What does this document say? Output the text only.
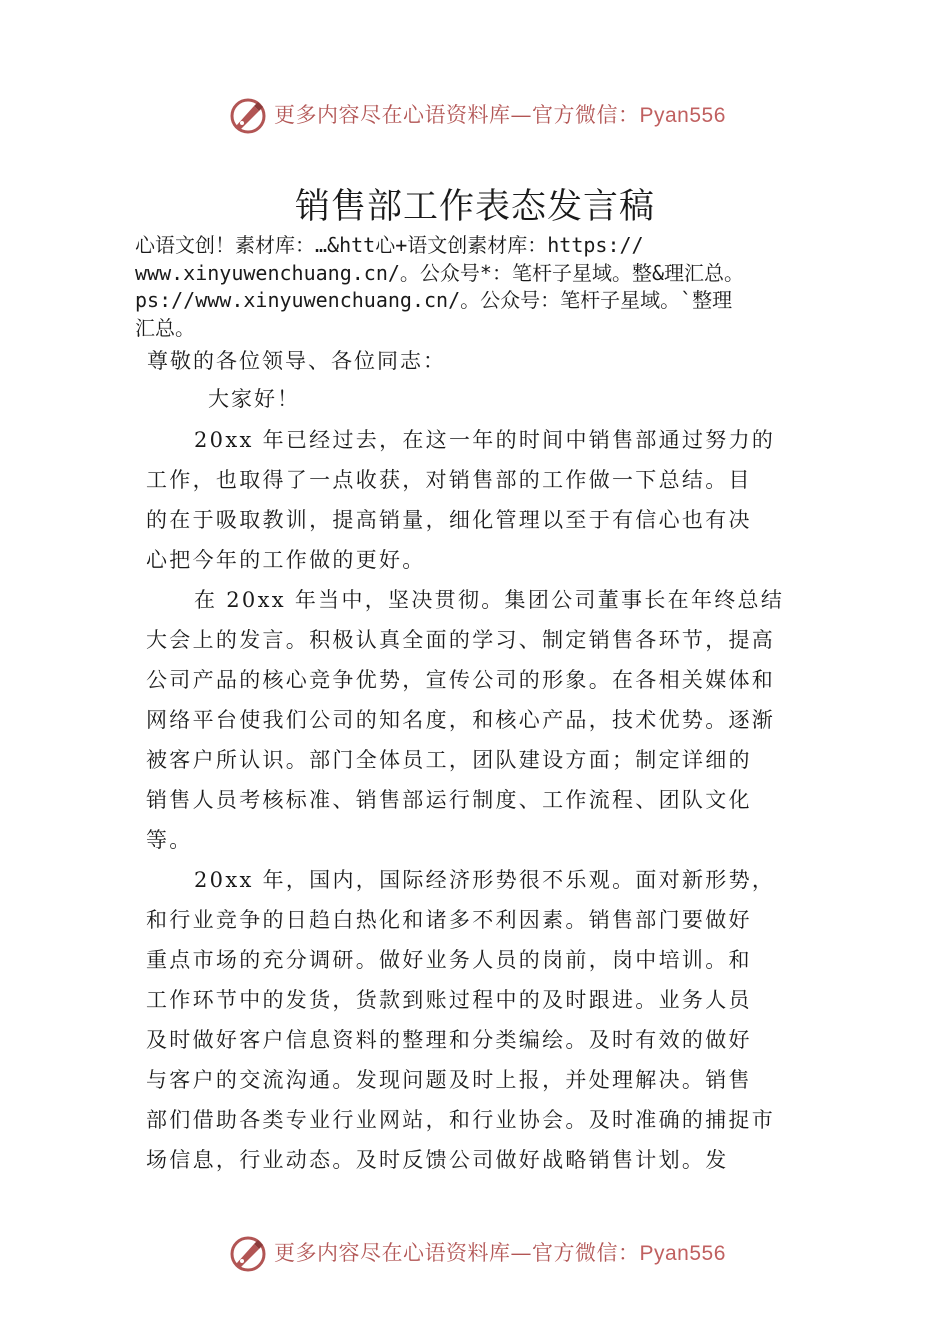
更多内容尽在心语资料库—官方微信：Pyan556
销售部工作表态发言稿
心语文创！素材库：…&htt心+语文创素材库：https://
www.xinyuwenchuang.cn/。公众号*：笔杆子星域。整&理汇总。
ps://www.xinyuwenchuang.cn/。公众号：笔杆子星域。`整理
汇总。
尊敬的各位领导、各位同志：
大家好！
20xx 年已经过去，在这一年的时间中销售部通过努力的
工作，也取得了一点收获，对销售部的工作做一下总结。目
的在于吸取教训，提高销量，细化管理以至于有信心也有决
心把今年的工作做的更好。
在 20xx 年当中，坚决贯彻。集团公司董事长在年终总结
大会上的发言。积极认真全面的学习、制定销售各环节，提高
公司产品的核心竞争优势，宣传公司的形象。在各相关媒体和
网络平台使我们公司的知名度，和核心产品，技术优势。逐渐
被客户所认识。部门全体员工，团队建设方面；制定详细的
销售人员考核标准、销售部运行制度、工作流程、团队文化
等。
20xx 年，国内，国际经济形势很不乐观。面对新形势，
和行业竞争的日趋白热化和诸多不利因素。销售部门要做好
重点市场的充分调研。做好业务人员的岗前，岗中培训。和
工作环节中的发货，货款到账过程中的及时跟进。业务人员
及时做好客户信息资料的整理和分类编绘。及时有效的做好
与客户的交流沟通。发现问题及时上报，并处理解决。销售
部们借助各类专业行业网站，和行业协会。及时准确的捕捉市
场信息，行业动态。及时反馈公司做好战略销售计划。发
更多内容尽在心语资料库—官方微信：Pyan556
